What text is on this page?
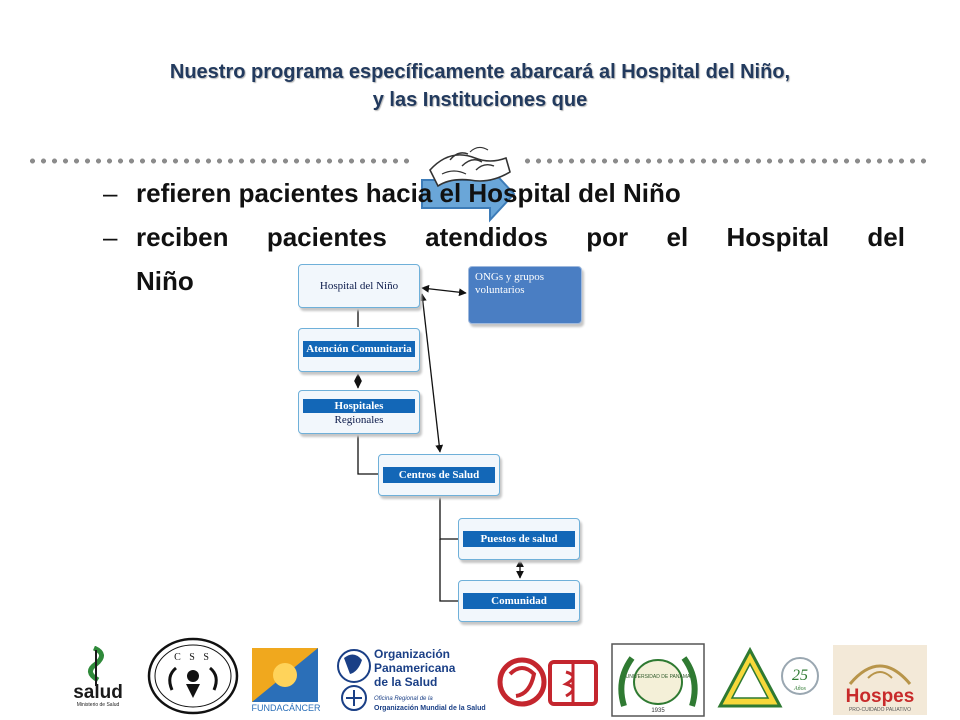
Nuestro programa específicamente abarcará al Hospital del Niño,
y las Instituciones que
– refieren pacientes hacia el Hospital del Niño
– reciben pacientes atendidos por el Hospital del
Niño	Hospital del Niño
ONGs y grupos
voluntarios
Atención Comunitaria
Hospitales
Regionales
Centros de Salud
Puestos de salud
Comunidad
salud
Ministerio de Salud
C S S
FUNDACÁNCER
Organización
Panamericana
de la Salud
Oficina Regional de la
Organización Mundial de la Salud
UNIVERSIDAD DE PANAMA
1935
25
Años Hospes
PRO-CUIDADO PALIATIVO
